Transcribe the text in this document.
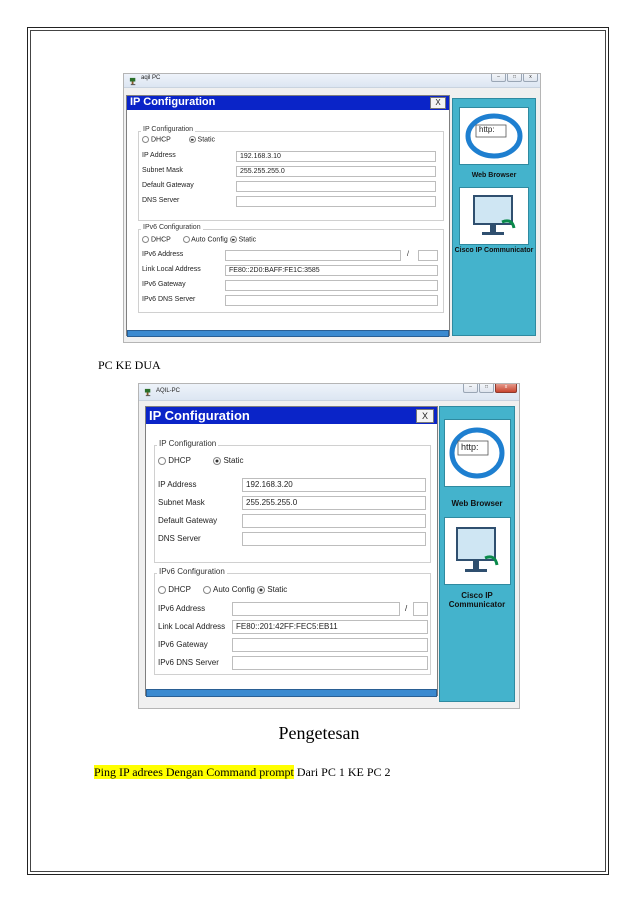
aqil PC	–	□	x
IP Configuration	X
IP Configuration
DHCP	Static
IP Address	192.168.3.10
Subnet Mask	255.255.255.0
Default Gateway
DNS Server
IPv6 Configuration
DHCP	Auto Config Static
IPv6 Address	/
Link Local Address	FE80::2D0:BAFF:FE1C:3585
IPv6 Gateway
IPv6 DNS Server
http:
Web Browser
Cisco IP Communicator
PC KE DUA
AQIL-PC
–	□	x
IP Configuration	X
IP Configuration
DHCP	Static
IP Address	192.168.3.20
Subnet Mask	255.255.255.0
Default Gateway
DNS Server
IPv6 Configuration
DHCP	Auto Config Static
IPv6 Address	/
Link Local Address	FE80::201:42FF:FEC5:EB11
IPv6 Gateway
IPv6 DNS Server
http:
Web Browser
Cisco IP Communicator
Pengetesan
Ping IP adrees Dengan Command prompt Dari PC 1 KE PC 2
